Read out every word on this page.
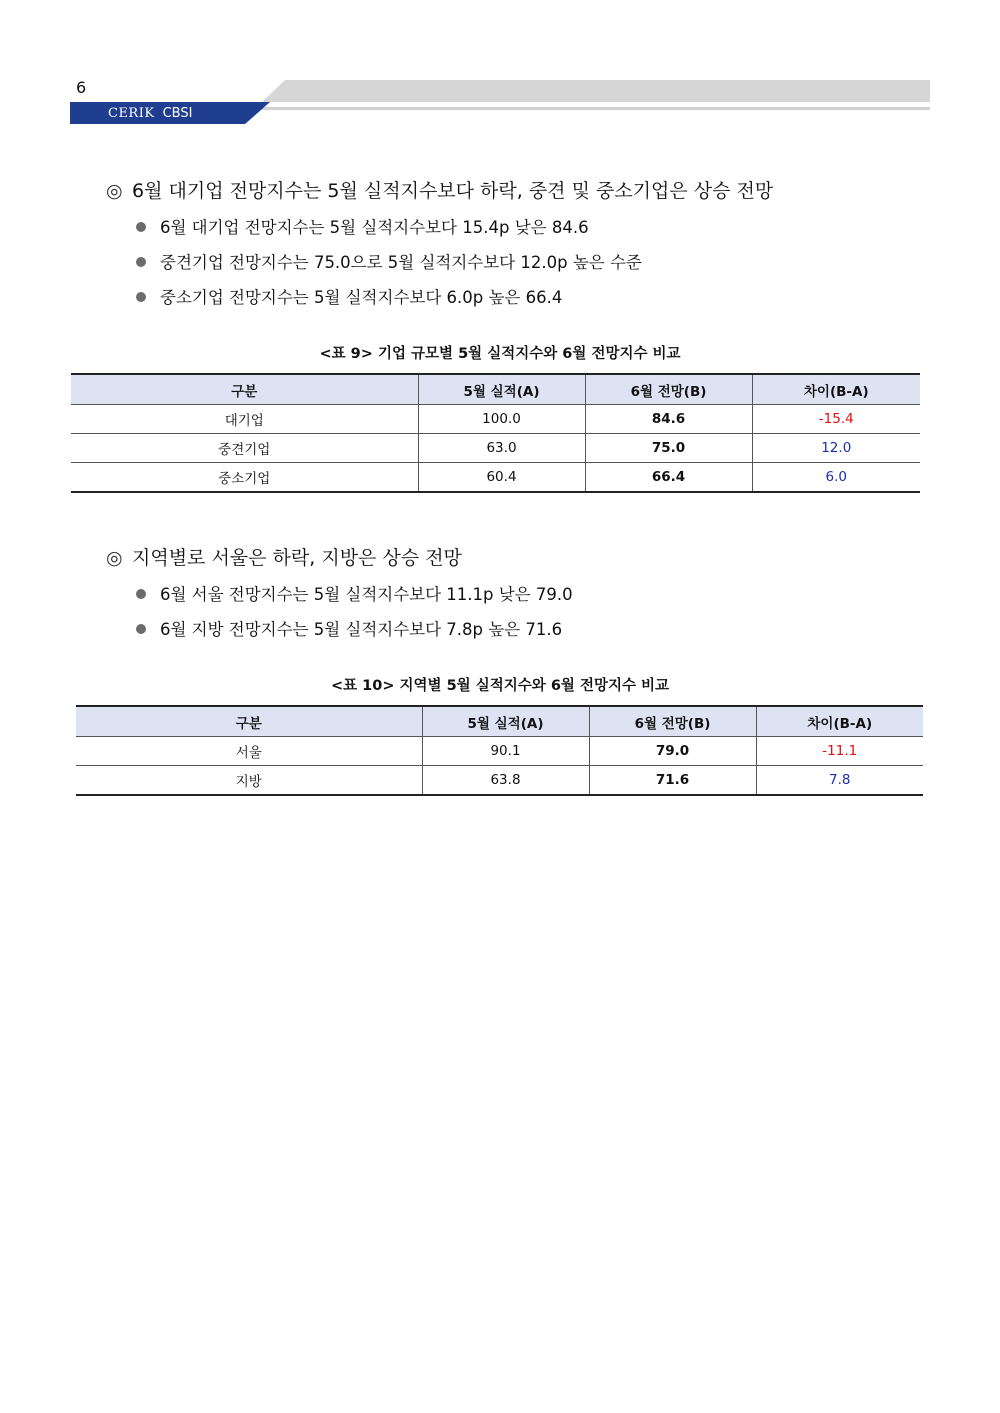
6
CERIK CBSI
◎ 6월 대기업 전망지수는 5월 실적지수보다 하락, 중견 및 중소기업은 상승 전망
6월 대기업 전망지수는 5월 실적지수보다 15.4p 낮은 84.6
중견기업 전망지수는 75.0으로 5월 실적지수보다 12.0p 높은 수준
중소기업 전망지수는 5월 실적지수보다 6.0p 높은 66.4
<표 9> 기업 규모별 5월 실적지수와 6월 전망지수 비교
구분	5월 실적(A)	6월 전망(B)	차이(B-A)
대기업	100.0	84.6	-15.4
중견기업	63.0	75.0	12.0
중소기업	60.4	66.4	6.0
◎ 지역별로 서울은 하락, 지방은 상승 전망
6월 서울 전망지수는 5월 실적지수보다 11.1p 낮은 79.0
6월 지방 전망지수는 5월 실적지수보다 7.8p 높은 71.6
<표 10> 지역별 5월 실적지수와 6월 전망지수 비교
구분	5월 실적(A)	6월 전망(B)	차이(B-A)
서울	90.1	79.0	-11.1
지방	63.8	71.6	7.8
